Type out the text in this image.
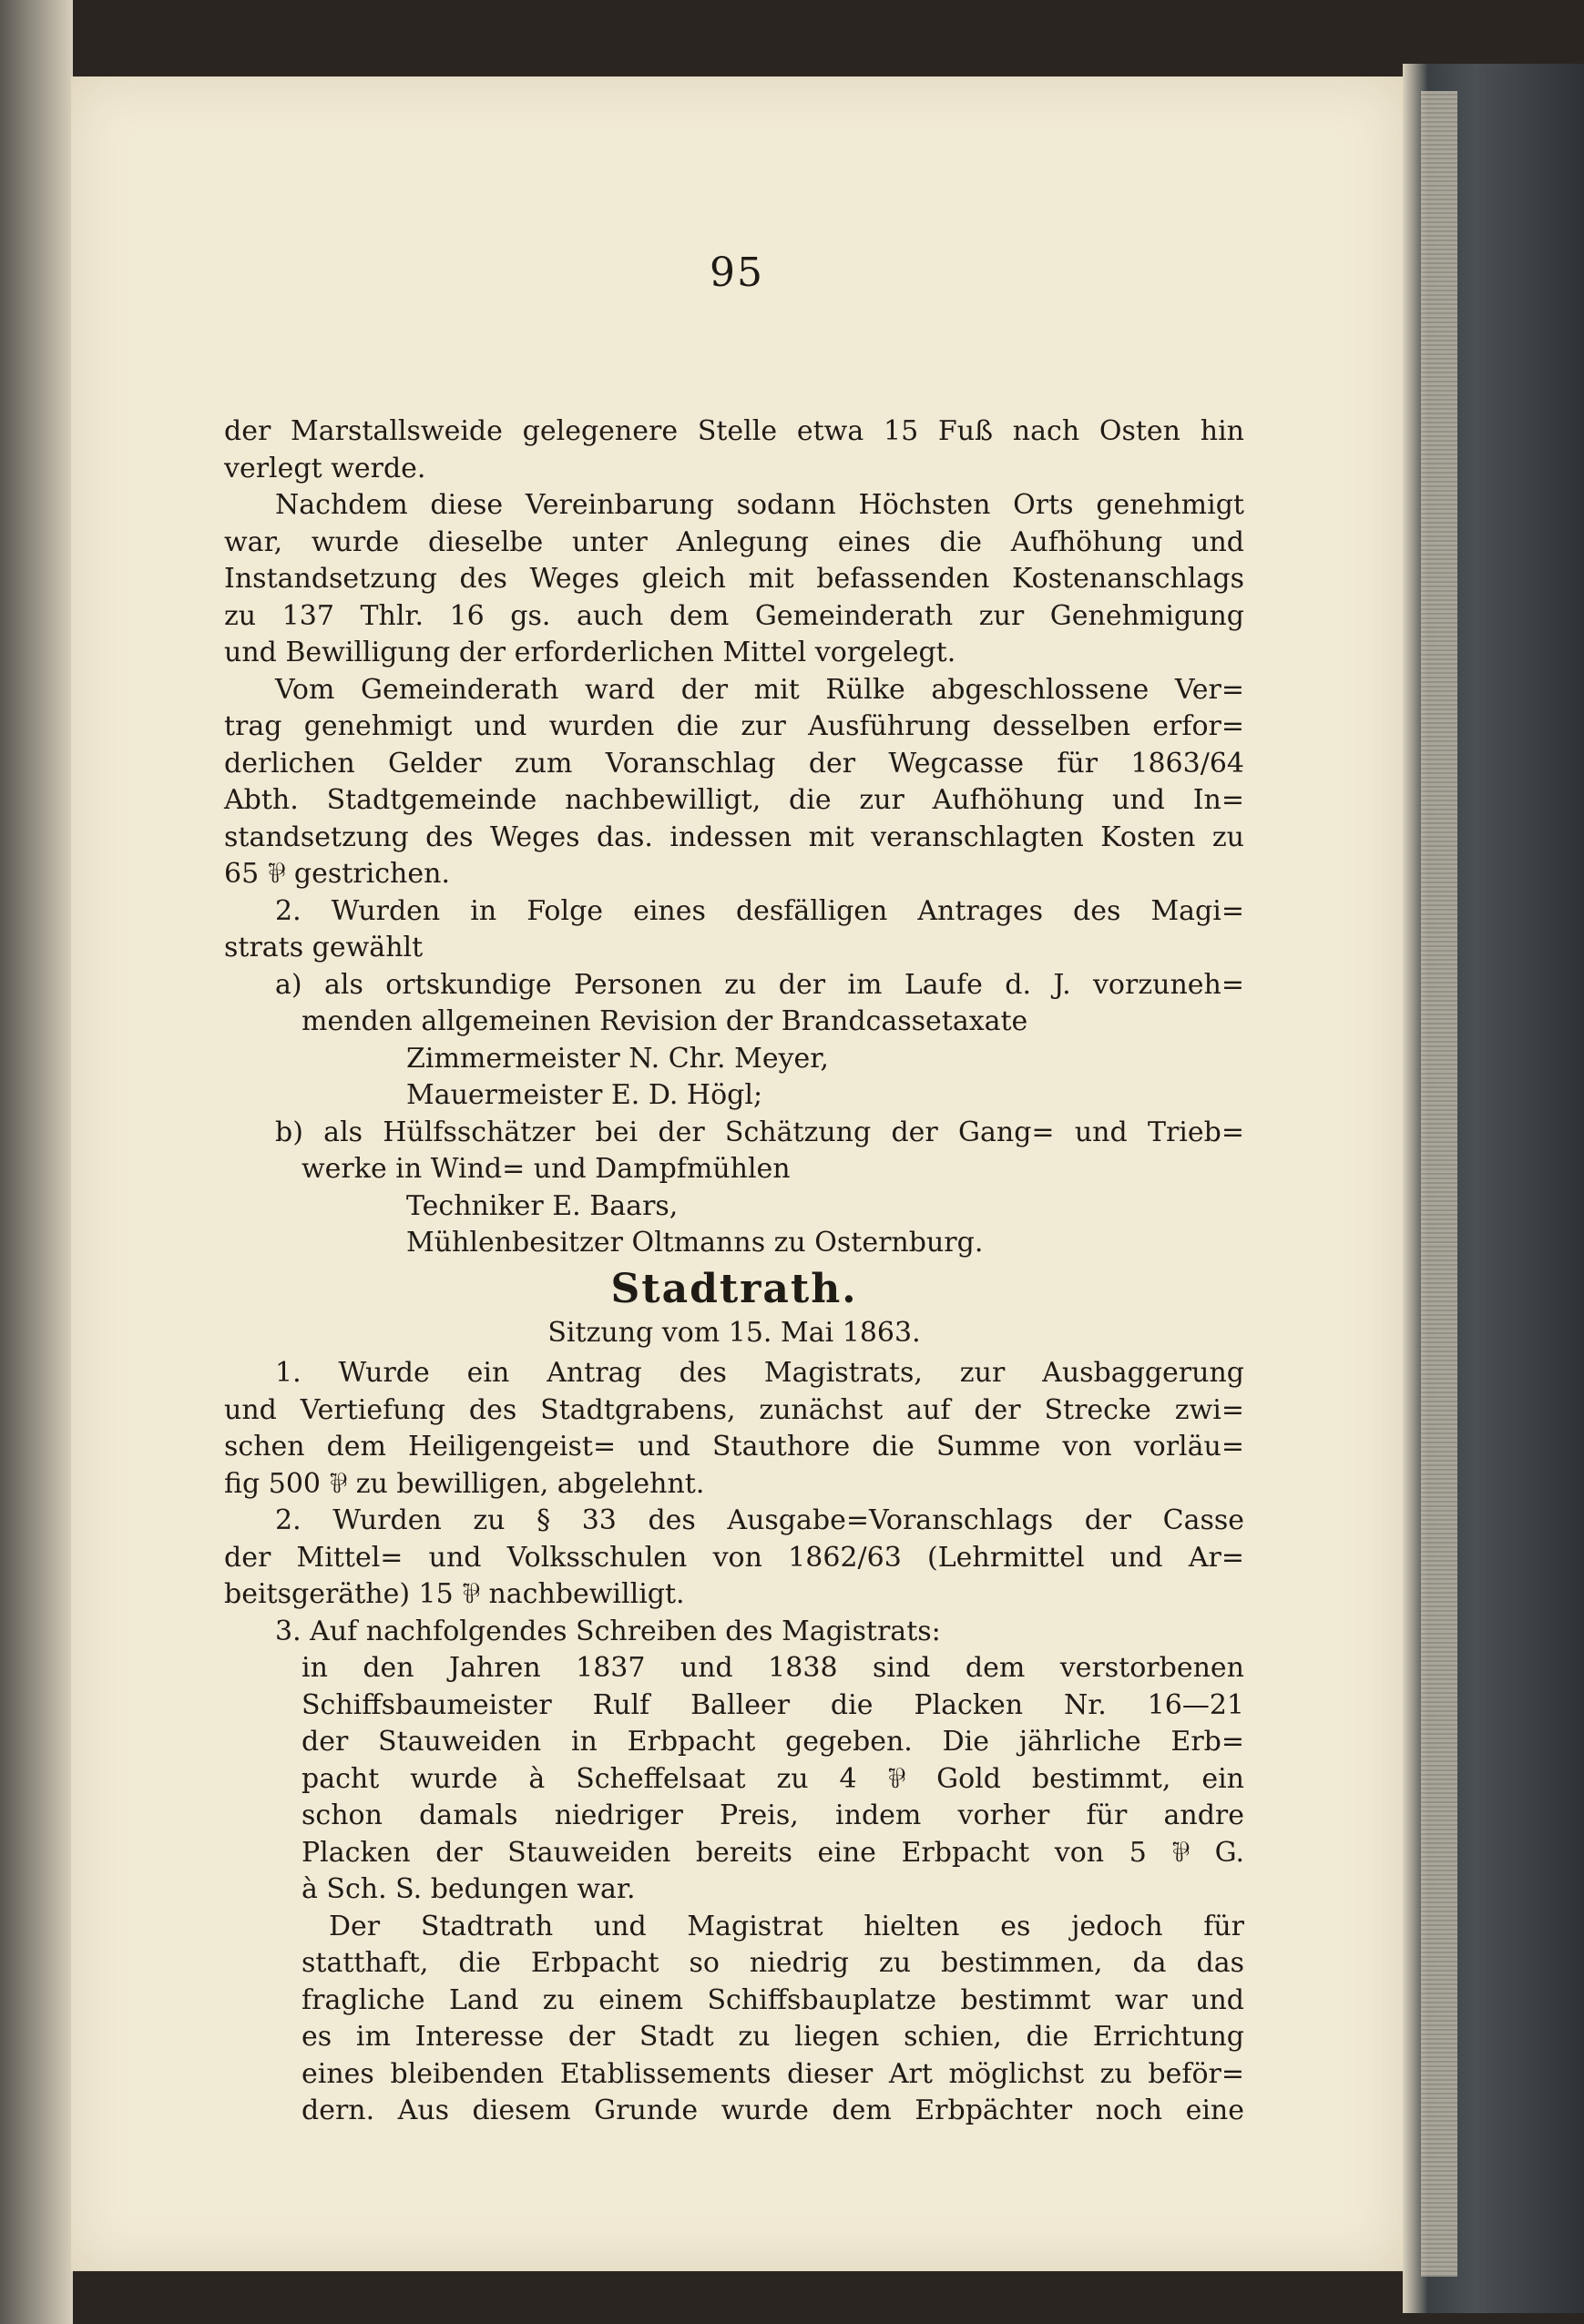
95
der Marstallsweide gelegenere Stelle etwa 15 Fuß nach Osten hin
verlegt werde.
Nachdem diese Vereinbarung sodann Höchsten Orts genehmigt
war, wurde dieselbe unter Anlegung eines die Aufhöhung und
Instandsetzung des Weges gleich mit befassenden Kostenanschlags
zu 137 Thlr. 16 gs. auch dem Gemeinderath zur Genehmigung
und Bewilligung der erforderlichen Mittel vorgelegt.
Vom Gemeinderath ward der mit Rülke abgeschlossene Ver=
trag genehmigt und wurden die zur Ausführung desselben erfor=
derlichen Gelder zum Voranschlag der Wegcasse für 1863/64
Abth. Stadtgemeinde nachbewilligt, die zur Aufhöhung und In=
standsetzung des Weges das. indessen mit veranschlagten Kosten zu
65 ⅌ gestrichen.
2. Wurden in Folge eines desfälligen Antrages des Magi=
strats gewählt
a) als ortskundige Personen zu der im Laufe d. J. vorzuneh=
menden allgemeinen Revision der Brandcassetaxate
Zimmermeister N. Chr. Meyer,
Mauermeister E. D. Högl;
b) als Hülfsschätzer bei der Schätzung der Gang= und Trieb=
werke in Wind= und Dampfmühlen
Techniker E. Baars,
Mühlenbesitzer Oltmanns zu Osternburg.
Stadtrath.
Sitzung vom 15. Mai 1863.
1. Wurde ein Antrag des Magistrats, zur Ausbaggerung
und Vertiefung des Stadtgrabens, zunächst auf der Strecke zwi=
schen dem Heiligengeist= und Stauthore die Summe von vorläu=
fig 500 ⅌ zu bewilligen, abgelehnt.
2. Wurden zu § 33 des Ausgabe=Voranschlags der Casse
der Mittel= und Volksschulen von 1862/63 (Lehrmittel und Ar=
beitsgeräthe) 15 ⅌ nachbewilligt.
3. Auf nachfolgendes Schreiben des Magistrats:
in den Jahren 1837 und 1838 sind dem verstorbenen
Schiffsbaumeister Rulf Balleer die Placken Nr. 16—21
der Stauweiden in Erbpacht gegeben. Die jährliche Erb=
pacht wurde à Scheffelsaat zu 4 ⅌ Gold bestimmt, ein
schon damals niedriger Preis, indem vorher für andre
Placken der Stauweiden bereits eine Erbpacht von 5 ⅌ G.
à Sch. S. bedungen war.
Der Stadtrath und Magistrat hielten es jedoch für
statthaft, die Erbpacht so niedrig zu bestimmen, da das
fragliche Land zu einem Schiffsbauplatze bestimmt war und
es im Interesse der Stadt zu liegen schien, die Errichtung
eines bleibenden Etablissements dieser Art möglichst zu beför=
dern. Aus diesem Grunde wurde dem Erbpächter noch eine
